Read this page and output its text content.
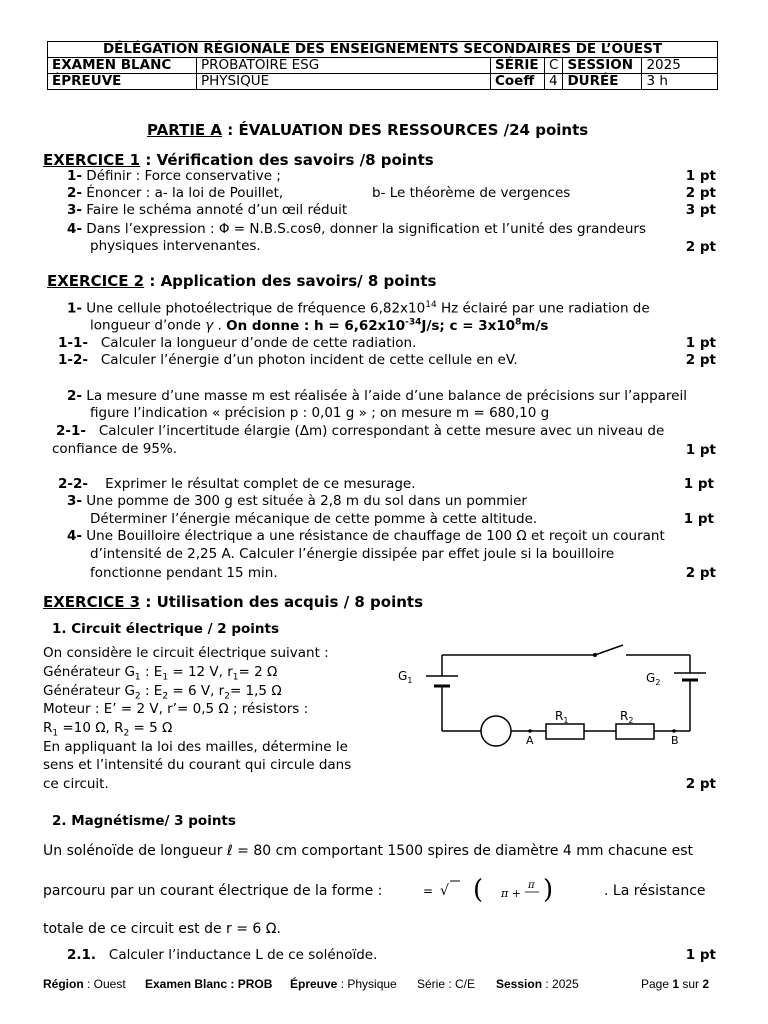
DÉLÉGATION RÉGIONALE DES ENSEIGNEMENTS SECONDAIRES DE L’OUEST					
EXAMEN BLANC	PROBATOIRE ESG	SÉRIE	C	SESSION	2025
ÉPREUVE	PHYSIQUE	Coeff	4	DURÉE	3 h
PARTIE A : ÉVALUATION DES RESSOURCES /24 points
EXERCICE 1 : Vérification des savoirs /8 points
1- Définir : Force conservative ;	1 pt
2- Énoncer : a- la loi de Pouillet,	b- Le théorème de vergences	2 pt
3- Faire le schéma annoté d’un œil réduit	3 pt
4- Dans l’expression : Φ = N.B.S.cosθ, donner la signification et l’unité des grandeurs
physiques intervenantes.	2 pt
EXERCICE 2 : Application des savoirs/ 8 points
1- Une cellule photoélectrique de fréquence $6,82x10^{14}$ Hz éclairé par une radiation de
longueur d’onde γ . On donne : $h = 6,62x10^{-34}J/s$; $c = 3x10^8m/s$
1-1- Calculer la longueur d’onde de cette radiation.	1 pt
1-2- Calculer l’énergie d’un photon incident de cette cellule en eV.	2 pt
2- La mesure d’une masse m est réalisée à l’aide d’une balance de précisions sur l’appareil
figure l’indication « précision p : 0,01 g » ; on mesure m = 680,10 g
2-1- Calculer l’incertitude élargie (Δm) correspondant à cette mesure avec un niveau de
confiance de 95%.	1 pt
2-2- Exprimer le résultat complet de ce mesurage.	1 pt
3- Une pomme de 300 g est située à 2,8 m du sol dans un pommier
Déterminer l’énergie mécanique de cette pomme à cette altitude.	1 pt
4- Une Bouilloire électrique a une résistance de chauffage de 100 Ω et reçoit un courant
d’intensité de 2,25 A. Calculer l’énergie dissipée par effet joule si la bouilloire
fonctionne pendant 15 min.	2 pt
EXERCICE 3 : Utilisation des acquis / 8 points
1. Circuit électrique / 2 points
On considère le circuit électrique suivant :
Générateur $G_1$ : $E_1 = 12$ V, $r_1= 2$ Ω
Générateur $G_2$ : $E_2 = 6$ V, $r_2= 1,5$ Ω
Moteur : E’ = 2 V, r’= 0,5 Ω ; résistors :
$R_1 =10$ Ω, $R_2 = 5$ Ω
En appliquant la loi des mailles, détermine le
sens et l’intensité du courant qui circule dans
ce circuit.	2 pt
$G_1$	$G_2$
$R_1$	$R_2$
A	B
2. Magnétisme/ 3 points
Un solénoïde de longueur ℓ = 80 cm comportant 1500 spires de diamètre 4 mm chacune est
parcouru par un courant électrique de la forme :	= √ ( π +
π )	. La résistance
totale de ce circuit est de r = 6 Ω.
2.1. Calculer l’inductance L de ce solénoïde.	1 pt
Région : Ouest Examen Blanc : PROB Épreuve : Physique Série : C/E Session : 2025	Page 1 sur 2
